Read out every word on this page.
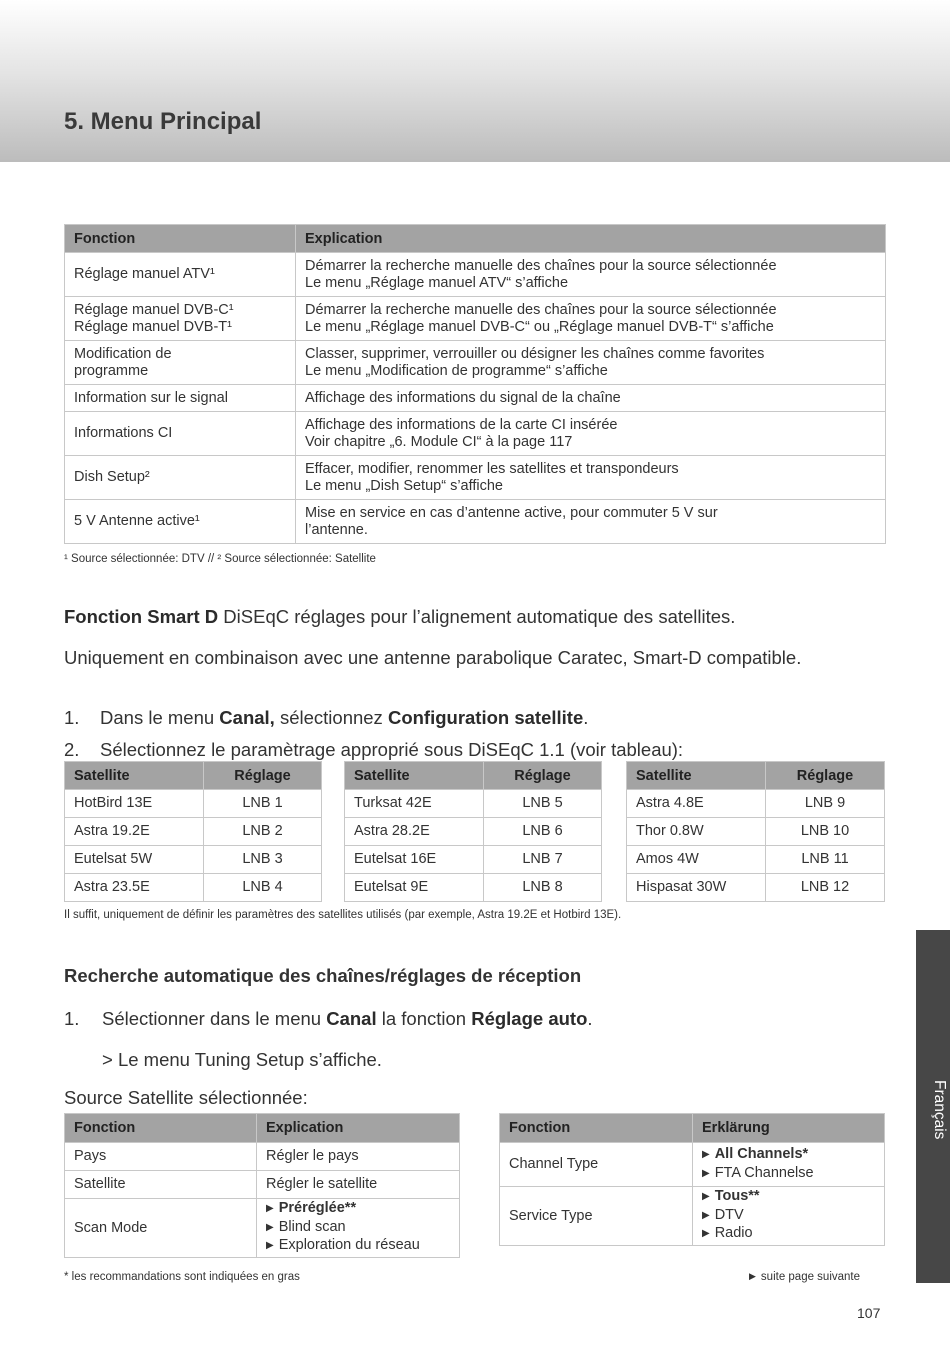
5. Menu Principal
Fonction	Explication
Réglage manuel ATV¹	Démarrer la recherche manuelle des chaînes pour la source sélectionnée
Le menu „Réglage manuel ATV“ s’affiche
Réglage manuel DVB-C¹
Réglage manuel DVB-T¹	Démarrer la recherche manuelle des chaînes pour la source sélectionnée
Le menu „Réglage manuel DVB-C“ ou „Réglage manuel DVB-T“ s’affiche
Modification de
programme	Classer, supprimer, verrouiller ou désigner les chaînes comme favorites
Le menu „Modification de programme“ s’affiche
Information sur le signal	Affichage des informations du signal de la chaîne
Informations CI	Affichage des informations de la carte CI insérée
Voir chapitre „6. Module CI“ à la page 117
Dish Setup²	Effacer, modifier, renommer les satellites et transpondeurs
Le menu „Dish Setup“ s’affiche
5 V Antenne active¹	Mise en service en cas d’antenne active, pour commuter 5 V sur
l’antenne.

¹ Source sélectionnée: DTV // ² Source sélectionnée: Satellite

Fonction Smart D DiSEqC réglages pour l’alignement automatique des satellites.

Uniquement en combinaison avec une antenne parabolique Caratec, Smart-D compatible.

1. Dans le menu Canal, sélectionnez Configuration satellite.

2. Sélectionnez le paramètrage approprié sous DiSEqC 1.1 (voir tableau):

Satellite	Réglage
HotBird 13E	LNB 1
Astra 19.2E	LNB 2
Eutelsat 5W	LNB 3
Astra 23.5E	LNB 4
Satellite	Réglage
Turksat 42E	LNB 5
Astra 28.2E	LNB 6
Eutelsat 16E	LNB 7
Eutelsat 9E	LNB 8
Satellite	Réglage
Astra 4.8E	LNB 9
Thor 0.8W	LNB 10
Amos 4W	LNB 11
Hispasat 30W	LNB 12

Il suffit, uniquement de définir les paramètres des satellites utilisés (par exemple, Astra 19.2E et Hotbird 13E).

Recherche automatique des chaînes/réglages de réception

1. Sélectionner dans le menu Canal la fonction Réglage auto.

> Le menu Tuning Setup s’affiche.

Source Satellite sélectionnée:

Fonction	Explication
Pays	Régler le pays
Satellite	Régler le satellite
Scan Mode	▶ Préréglée**
▶ Blind scan
▶ Exploration du réseau
Fonction	Erklärung
Channel Type	▶ All Channels*
▶ FTA Channelse
Service Type	▶ Tous**
▶ DTV
▶ Radio

* les recommandations sont indiquées en gras	▶ suite page suivante

Français

107
